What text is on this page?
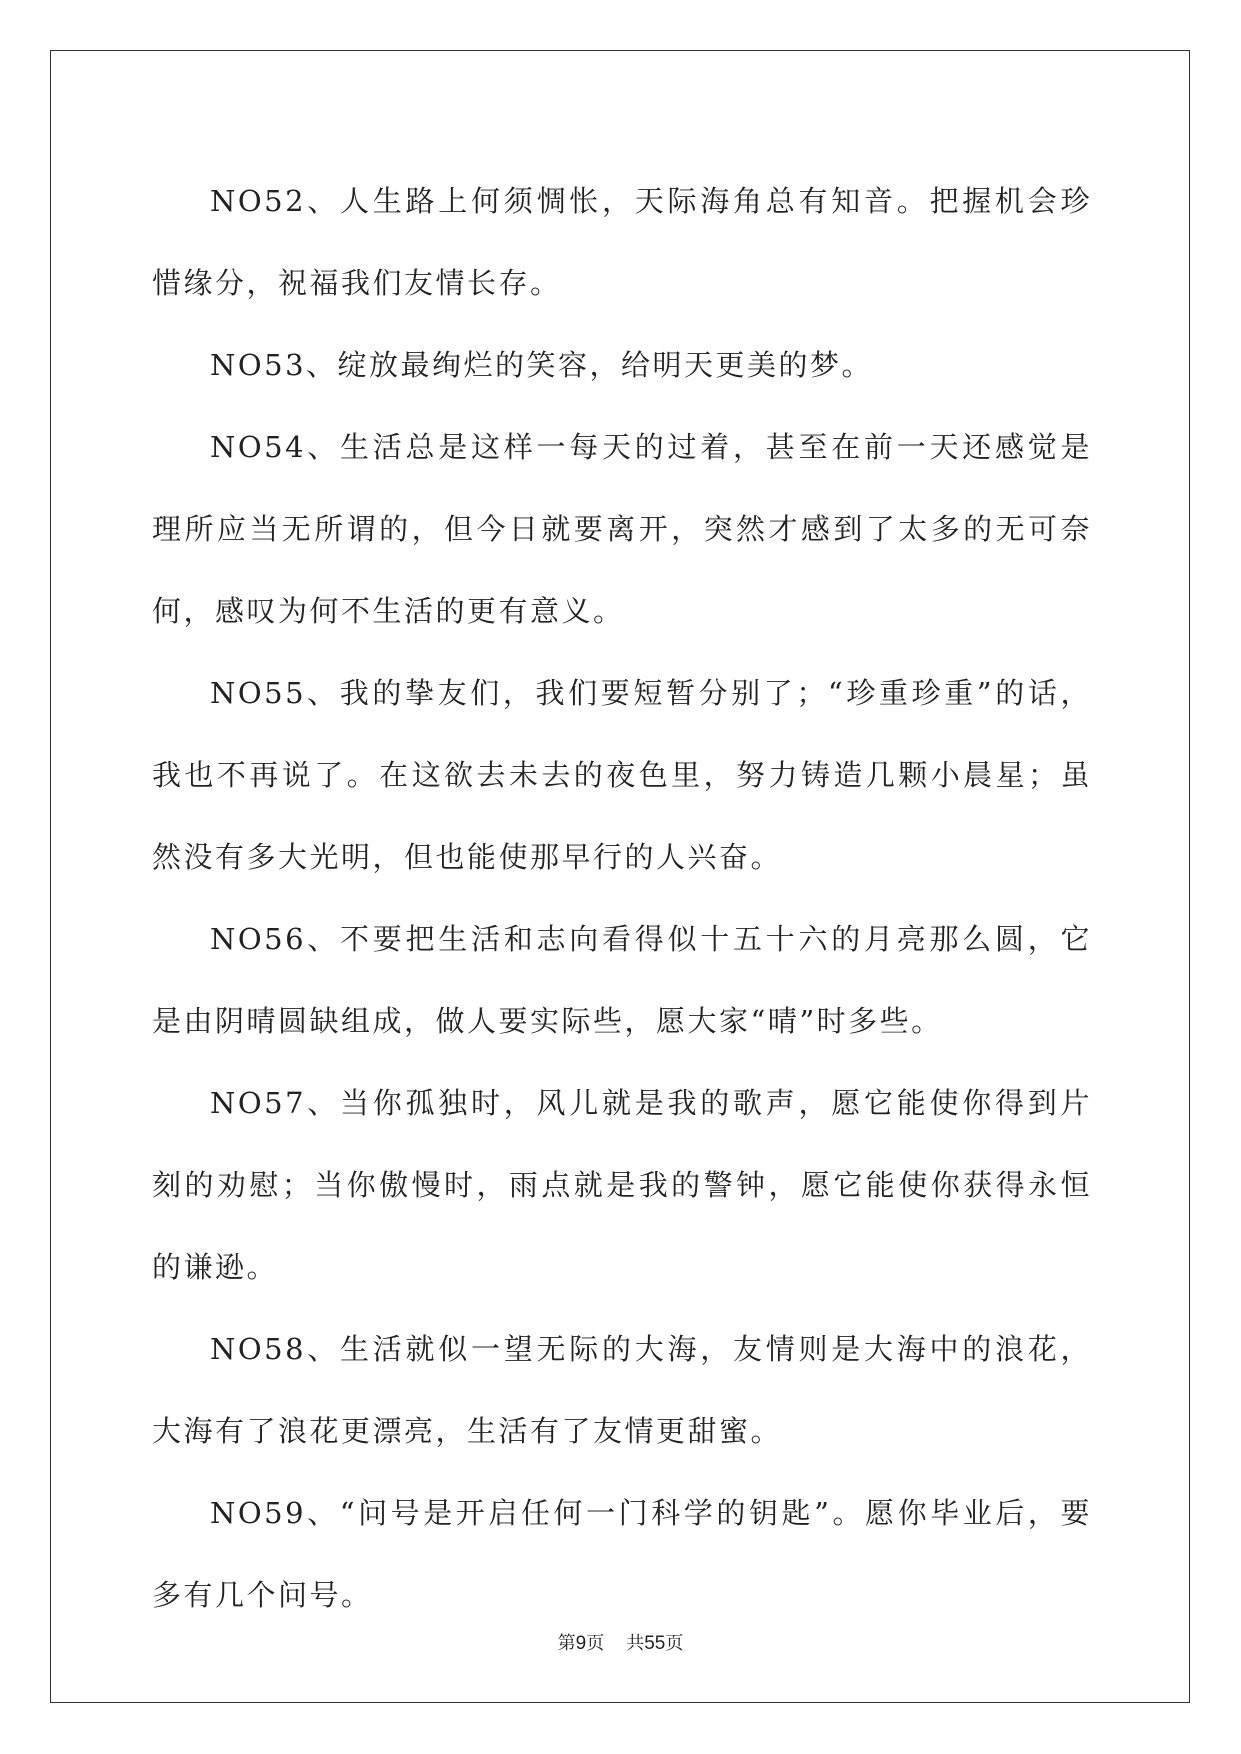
NO52、人生路上何须惆怅，天际海角总有知音。把握机会珍惜缘分，祝福我们友情长存。

NO53、绽放最绚烂的笑容，给明天更美的梦。

NO54、生活总是这样一每天的过着，甚至在前一天还感觉是理所应当无所谓的，但今日就要离开，突然才感到了太多的无可奈何，感叹为何不生活的更有意义。

NO55、我的挚友们，我们要短暂分别了；“珍重珍重”的话，我也不再说了。在这欲去未去的夜色里，努力铸造几颗小晨星；虽然没有多大光明，但也能使那早行的人兴奋。

NO56、不要把生活和志向看得似十五十六的月亮那么圆，它是由阴晴圆缺组成，做人要实际些，愿大家“晴”时多些。

NO57、当你孤独时，风儿就是我的歌声，愿它能使你得到片刻的劝慰；当你傲慢时，雨点就是我的警钟，愿它能使你获得永恒的谦逊。

NO58、生活就似一望无际的大海，友情则是大海中的浪花，大海有了浪花更漂亮，生活有了友情更甜蜜。

NO59、“问号是开启任何一门科学的钥匙”。愿你毕业后，要多有几个问号。

第9页 共55页
